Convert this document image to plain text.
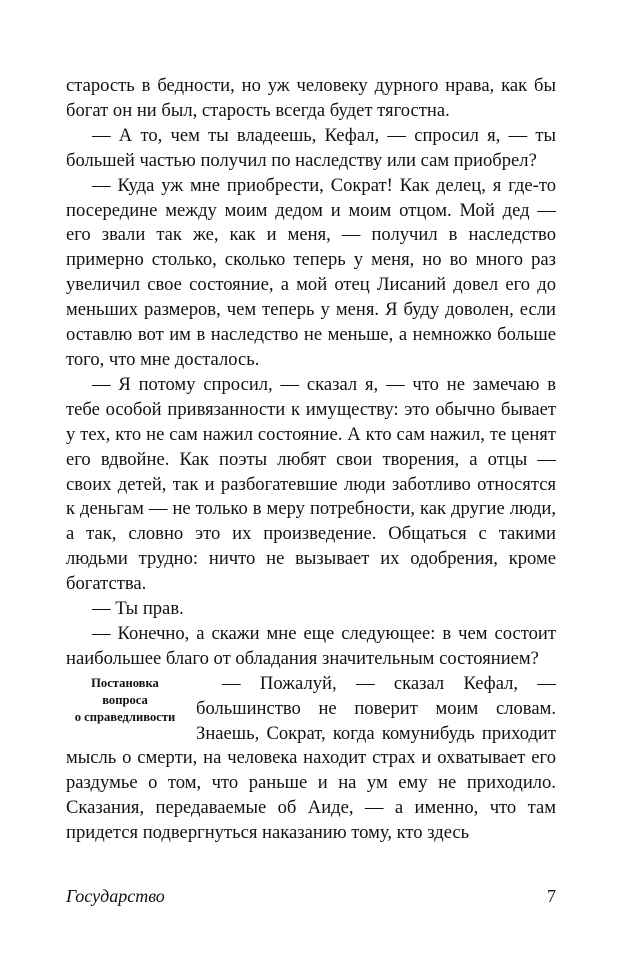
старость в бедности, но уж человеку дурного нрава, как бы богат он ни был, старость всегда будет тягостна.

— А то, чем ты владеешь, Кефал, — спросил я, — ты большей частью получил по наследству или сам приобрел?

— Куда уж мне приобрести, Сократ! Как делец, я где-то посередине между моим дедом и моим отцом. Мой дед — его звали так же, как и меня, — получил в наследство примерно столько, сколько теперь у меня, но во много раз увеличил свое состояние, а мой отец Лисаний довел его до меньших размеров, чем теперь у меня. Я буду доволен, если оставлю вот им в наследство не меньше, а немножко больше того, что мне досталось.

— Я потому спросил, — сказал я, — что не замечаю в тебе особой привязанности к имуществу: это обычно бывает у тех, кто не сам нажил состояние. А кто сам нажил, те ценят его вдвойне. Как поэты любят свои творения, а отцы — своих детей, так и разбогатевшие люди заботливо относятся к деньгам — не только в меру потребности, как другие люди, а так, словно это их произведение. Общаться с такими людьми трудно: ничто не вызывает их одобрения, кроме богатства.

— Ты прав.

— Конечно, а скажи мне еще следующее: в чем состоит наибольшее благо от обладания значительным состоянием?

Постановка
вопроса
о справедливости

— Пожалуй, — сказал Кефал, — большинство не поверит моим словам. Знаешь, Сократ, когда комунибудь приходит мысль о смерти, на человека находит страх и охватывает его раздумье о том, что раньше и на ум ему не приходило. Сказания, передаваемые об Аиде, — а именно, что там придется подвергнуться наказанию тому, кто здесь

Государство	7
